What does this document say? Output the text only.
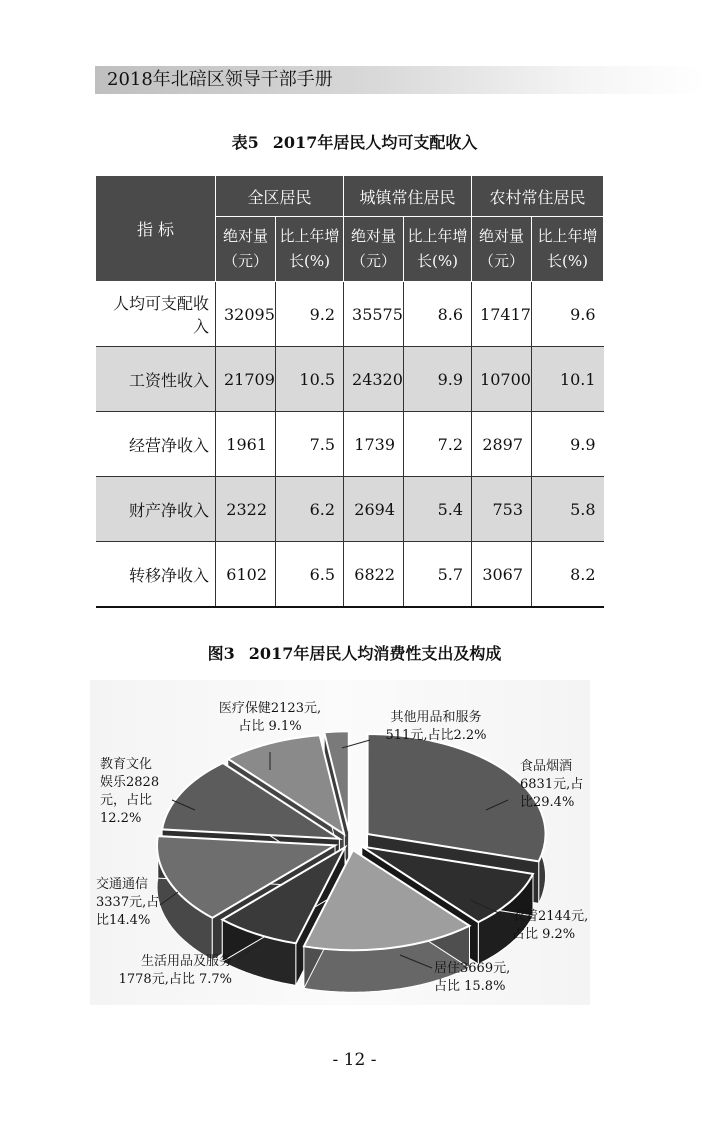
2018年北碚区领导干部手册
表5 2017年居民人均可支配收入
指 标	全区居民		城镇常住居民		农村常住居民	
	绝对量（元）	比上年增长(%)	绝对量（元）	比上年增长(%)	绝对量（元）	比上年增长(%)
人均可支配收入	32095	9.2	35575	8.6	17417	9.6
工资性收入	21709	10.5	24320	9.9	10700	10.1
经营净收入	1961	7.5	1739	7.2	2897	9.9
财产净收入	2322	6.2	2694	5.4	753	5.8
转移净收入	6102	6.5	6822	5.7	3067	8.2
图3 2017年居民人均消费性支出及构成
食品烟酒 6831元,占比29.4%
衣着2144元,占比 9.2%
居住3669元,占比 15.8%
生活用品及服务 1778元,占比 7.7%
交通通信 3337元,占比14.4%
教育文化娱乐2828 元，占比 12.2%
医疗保健2123元,占比 9.1%
其他用品和服务 511元,占比2.2%
- 12 -
